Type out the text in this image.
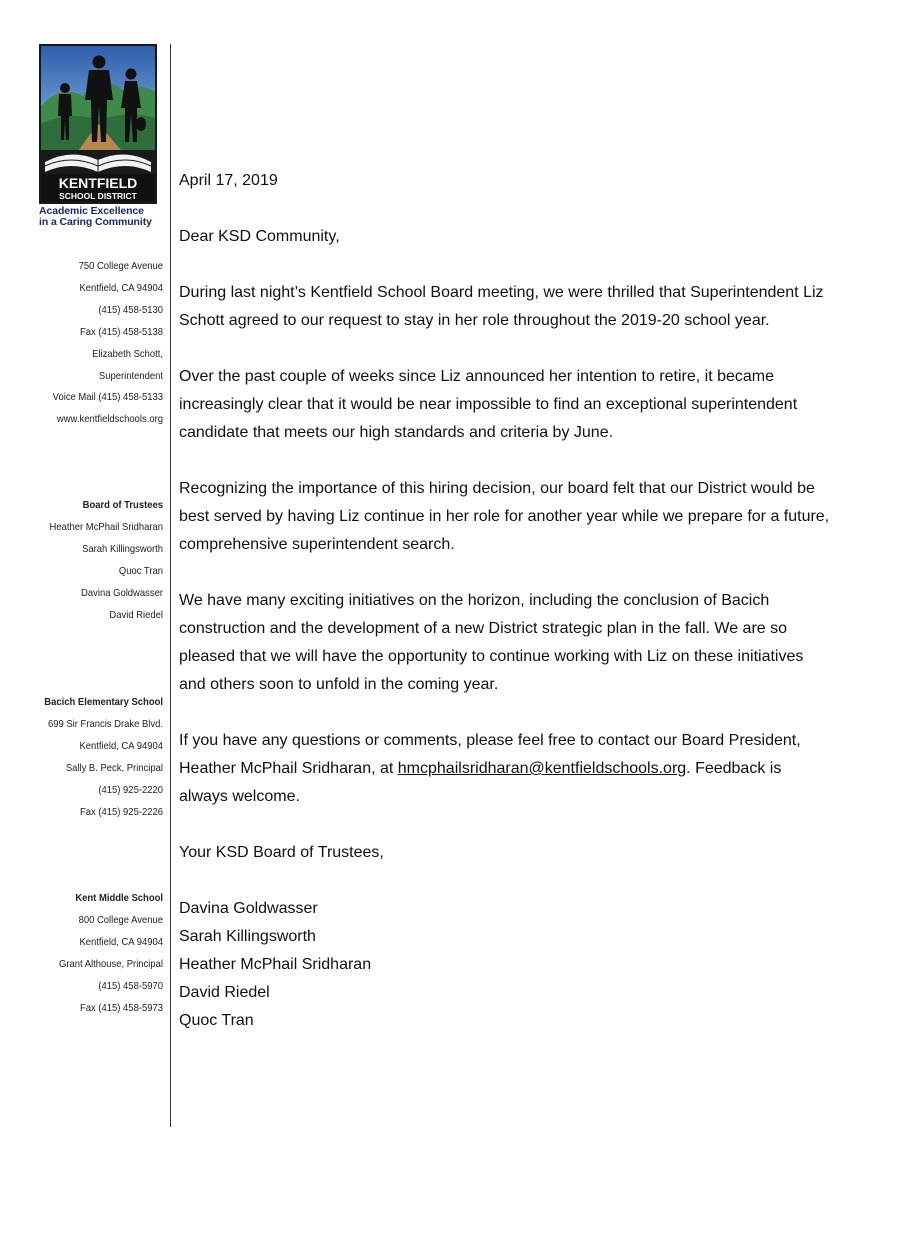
KENTFIELD
SCHOOL DISTRICT
Academic Excellence
in a Caring Community
750 College Avenue
Kentfield, CA 94904
(415) 458-5130
Fax (415) 458-5138
Elizabeth Schott,
Superintendent
Voice Mail (415) 458-5133
www.kentfieldschools.org
Board of Trustees
Heather McPhail Sridharan
Sarah Killingsworth
Quoc Tran
Davina Goldwasser
David Riedel
Bacich Elementary School
699 Sir Francis Drake Blvd.
Kentfield, CA 94904
Sally B. Peck, Principal
(415) 925-2220
Fax (415) 925-2226
Kent Middle School
800 College Avenue
Kentfield, CA 94904
Grant Althouse, Principal
(415) 458-5970
Fax (415) 458-5973

April 17, 2019

Dear KSD Community,

During last night’s Kentfield School Board meeting, we were thrilled that Superintendent Liz

Schott agreed to our request to stay in her role throughout the 2019-20 school year.

Over the past couple of weeks since Liz announced her intention to retire, it became

increasingly clear that it would be near impossible to find an exceptional superintendent

candidate that meets our high standards and criteria by June.

Recognizing the importance of this hiring decision, our board felt that our District would be

best served by having Liz continue in her role for another year while we prepare for a future,

comprehensive superintendent search.

We have many exciting initiatives on the horizon, including the conclusion of Bacich

construction and the development of a new District strategic plan in the fall. We are so

pleased that we will have the opportunity to continue working with Liz on these initiatives

and others soon to unfold in the coming year.

If you have any questions or comments, please feel free to contact our Board President,

Heather McPhail Sridharan, at hmcphailsridharan@kentfieldschools.org. Feedback is

always welcome.

Your KSD Board of Trustees,

Davina Goldwasser

Sarah Killingsworth

Heather McPhail Sridharan

David Riedel

Quoc Tran
